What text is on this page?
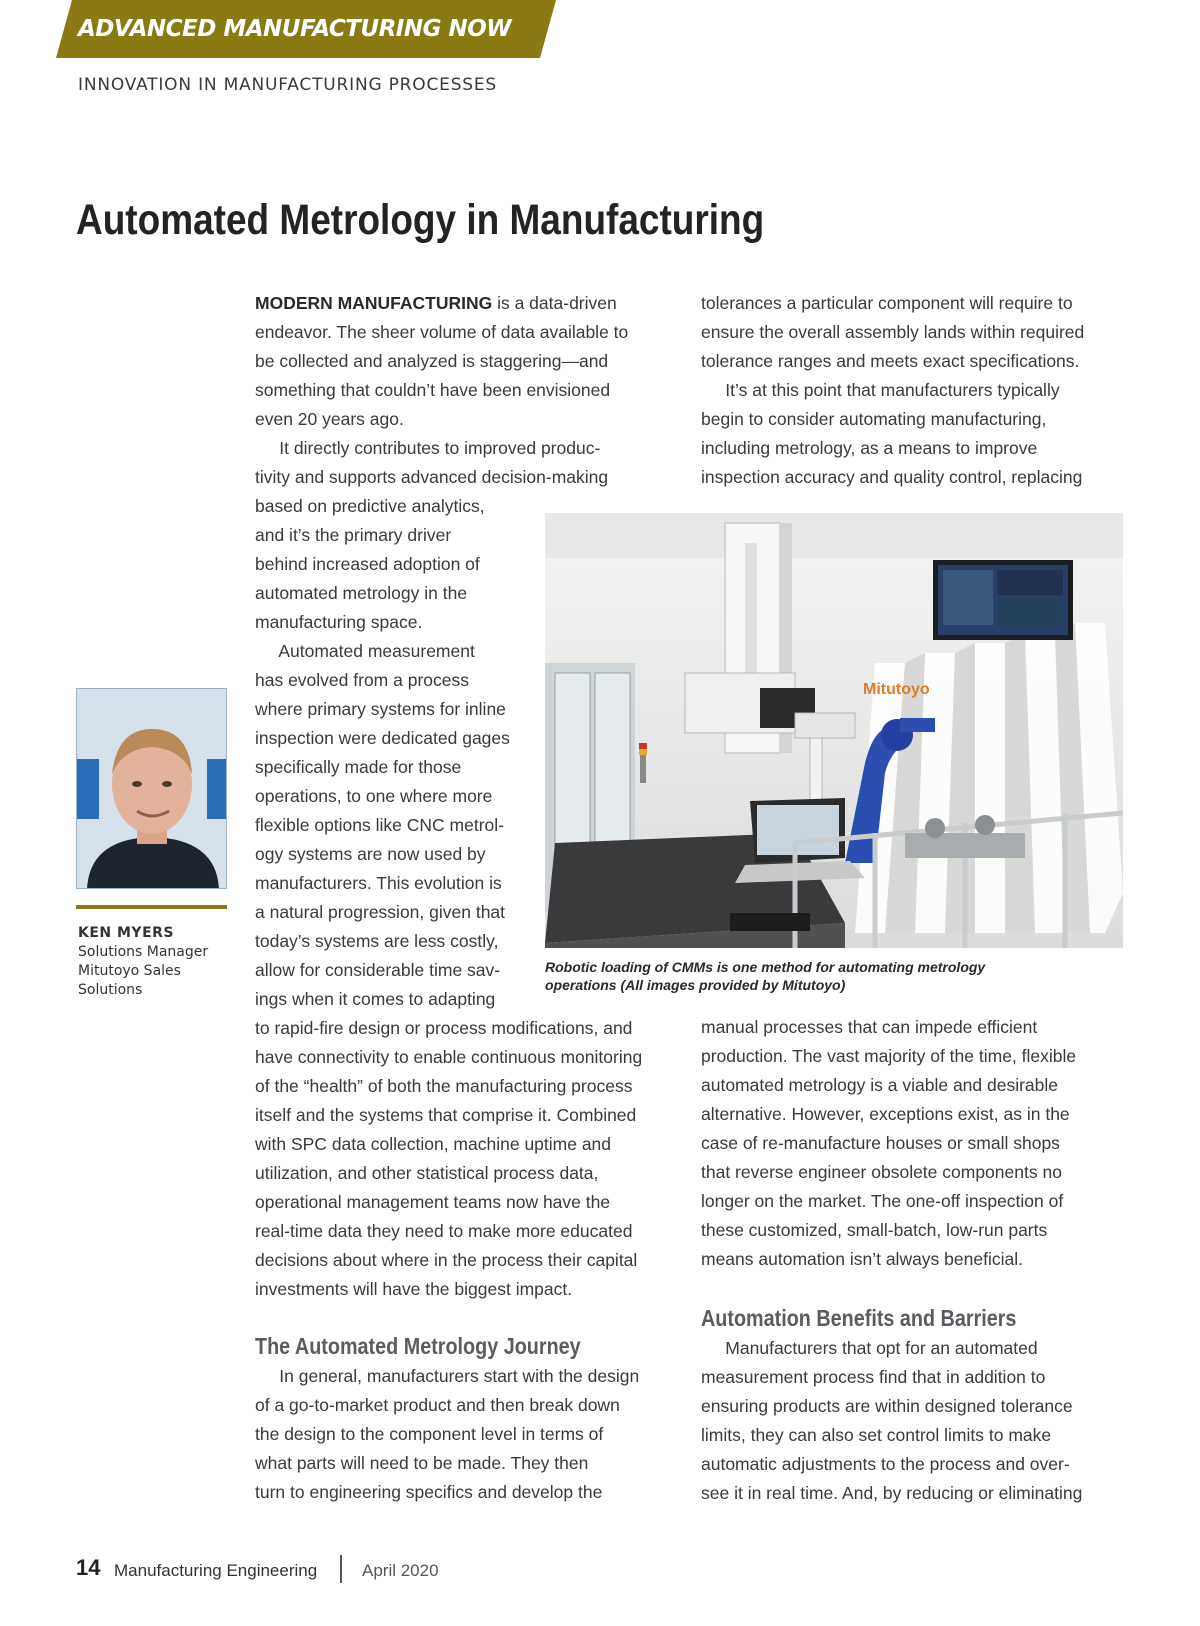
ADVANCED MANUFACTURING NOW
INNOVATION IN MANUFACTURING PROCESSES
Automated Metrology in Manufacturing
MODERN MANUFACTURING is a data-driven
endeavor. The sheer volume of data available to
be collected and analyzed is staggering—and
something that couldn’t have been envisioned
even 20 years ago.
It directly contributes to improved produc-
tivity and supports advanced decision-making
based on predictive analytics,
and it’s the primary driver
behind increased adoption of
automated metrology in the
manufacturing space.
Automated measurement
has evolved from a process
where primary systems for inline
inspection were dedicated gages
specifically made for those
operations, to one where more
flexible options like CNC metrol-
ogy systems are now used by
manufacturers. This evolution is
a natural progression, given that
today’s systems are less costly,
allow for considerable time sav-
ings when it comes to adapting
to rapid-fire design or process modifications, and
have connectivity to enable continuous monitoring
of the “health” of both the manufacturing process
itself and the systems that comprise it. Combined
with SPC data collection, machine uptime and
utilization, and other statistical process data,
operational management teams now have the
real-time data they need to make more educated
decisions about where in the process their capital
investments will have the biggest impact.
The Automated Metrology Journey
In general, manufacturers start with the design
of a go-to-market product and then break down
the design to the component level in terms of
what parts will need to be made. They then
turn to engineering specifics and develop the
tolerances a particular component will require to
ensure the overall assembly lands within required
tolerance ranges and meets exact specifications.
It’s at this point that manufacturers typically
begin to consider automating manufacturing,
including metrology, as a means to improve
inspection accuracy and quality control, replacing
manual processes that can impede efficient
production. The vast majority of the time, flexible
automated metrology is a viable and desirable
alternative. However, exceptions exist, as in the
case of re-manufacture houses or small shops
that reverse engineer obsolete components no
longer on the market. The one-off inspection of
these customized, small-batch, low-run parts
means automation isn’t always beneficial.
Automation Benefits and Barriers
Manufacturers that opt for an automated
measurement process find that in addition to
ensuring products are within designed tolerance
limits, they can also set control limits to make
automatic adjustments to the process and over-
see it in real time. And, by reducing or eliminating
KEN MYERS
Solutions Manager
Mitutoyo Sales
Solutions
Mitutoyo
Robotic loading of CMMs is one method for automating metrology
operations (All images provided by Mitutoyo)
14 Manufacturing Engineering	April 2020
